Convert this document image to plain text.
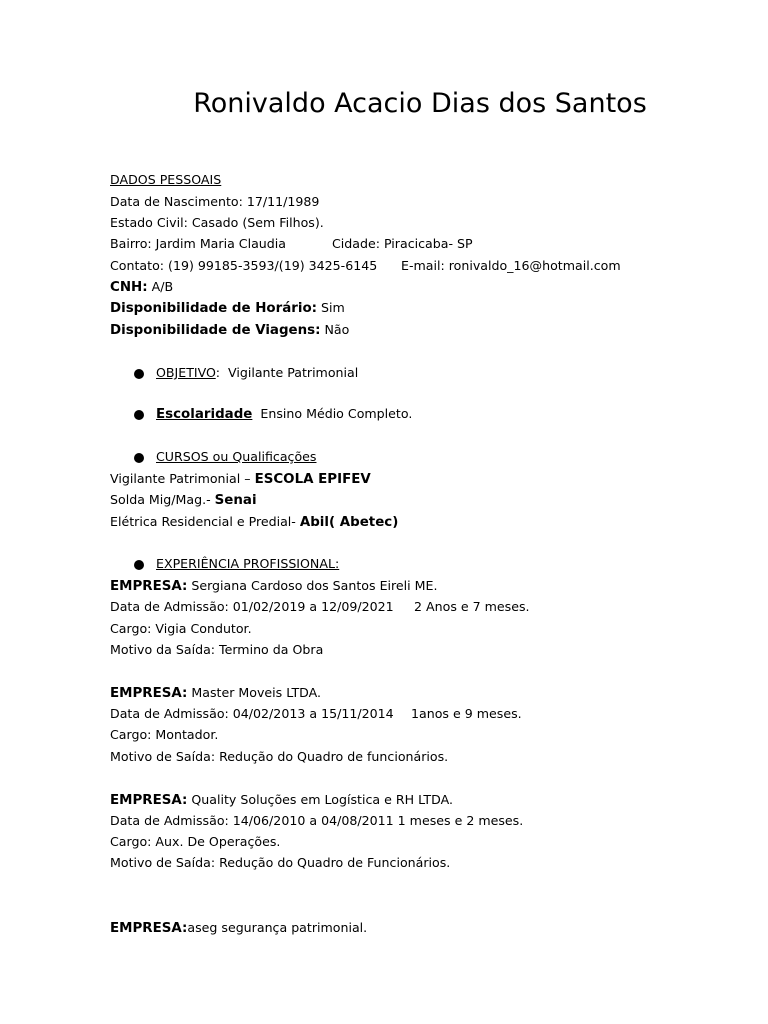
Ronivaldo Acacio Dias dos Santos
DADOS PESSOAIS
Data de Nascimento: 17/11/1989
Estado Civil: Casado (Sem Filhos).
Bairro: Jardim Maria Claudia	Cidade: Piracicaba- SP
Contato: (19) 99185-3593/(19) 3425-6145 E-mail: ronivaldo_16@hotmail.com
CNH: A/B
Disponibilidade de Horário: Sim
Disponibilidade de Viagens: Não
OBJETIVO: Vigilante Patrimonial
Escolaridade Ensino Médio Completo.
CURSOS ou Qualificações
Vigilante Patrimonial – ESCOLA EPIFEV
Solda Mig/Mag.- Senai
Elétrica Residencial e Predial- Abil( Abetec)
EXPERIÊNCIA PROFISSIONAL:
EMPRESA: Sergiana Cardoso dos Santos Eireli ME.
Data de Admissão: 01/02/2019 a 12/09/2021 2 Anos e 7 meses.
Cargo: Vigia Condutor.
Motivo da Saída: Termino da Obra
EMPRESA: Master Moveis LTDA.
Data de Admissão: 04/02/2013 a 15/11/2014 1anos e 9 meses.
Cargo: Montador.
Motivo de Saída: Redução do Quadro de funcionários.
EMPRESA: Quality Soluções em Logística e RH LTDA.
Data de Admissão: 14/06/2010 a 04/08/2011 1 meses e 2 meses.
Cargo: Aux. De Operações.
Motivo de Saída: Redução do Quadro de Funcionários.
EMPRESA:aseg segurança patrimonial.
